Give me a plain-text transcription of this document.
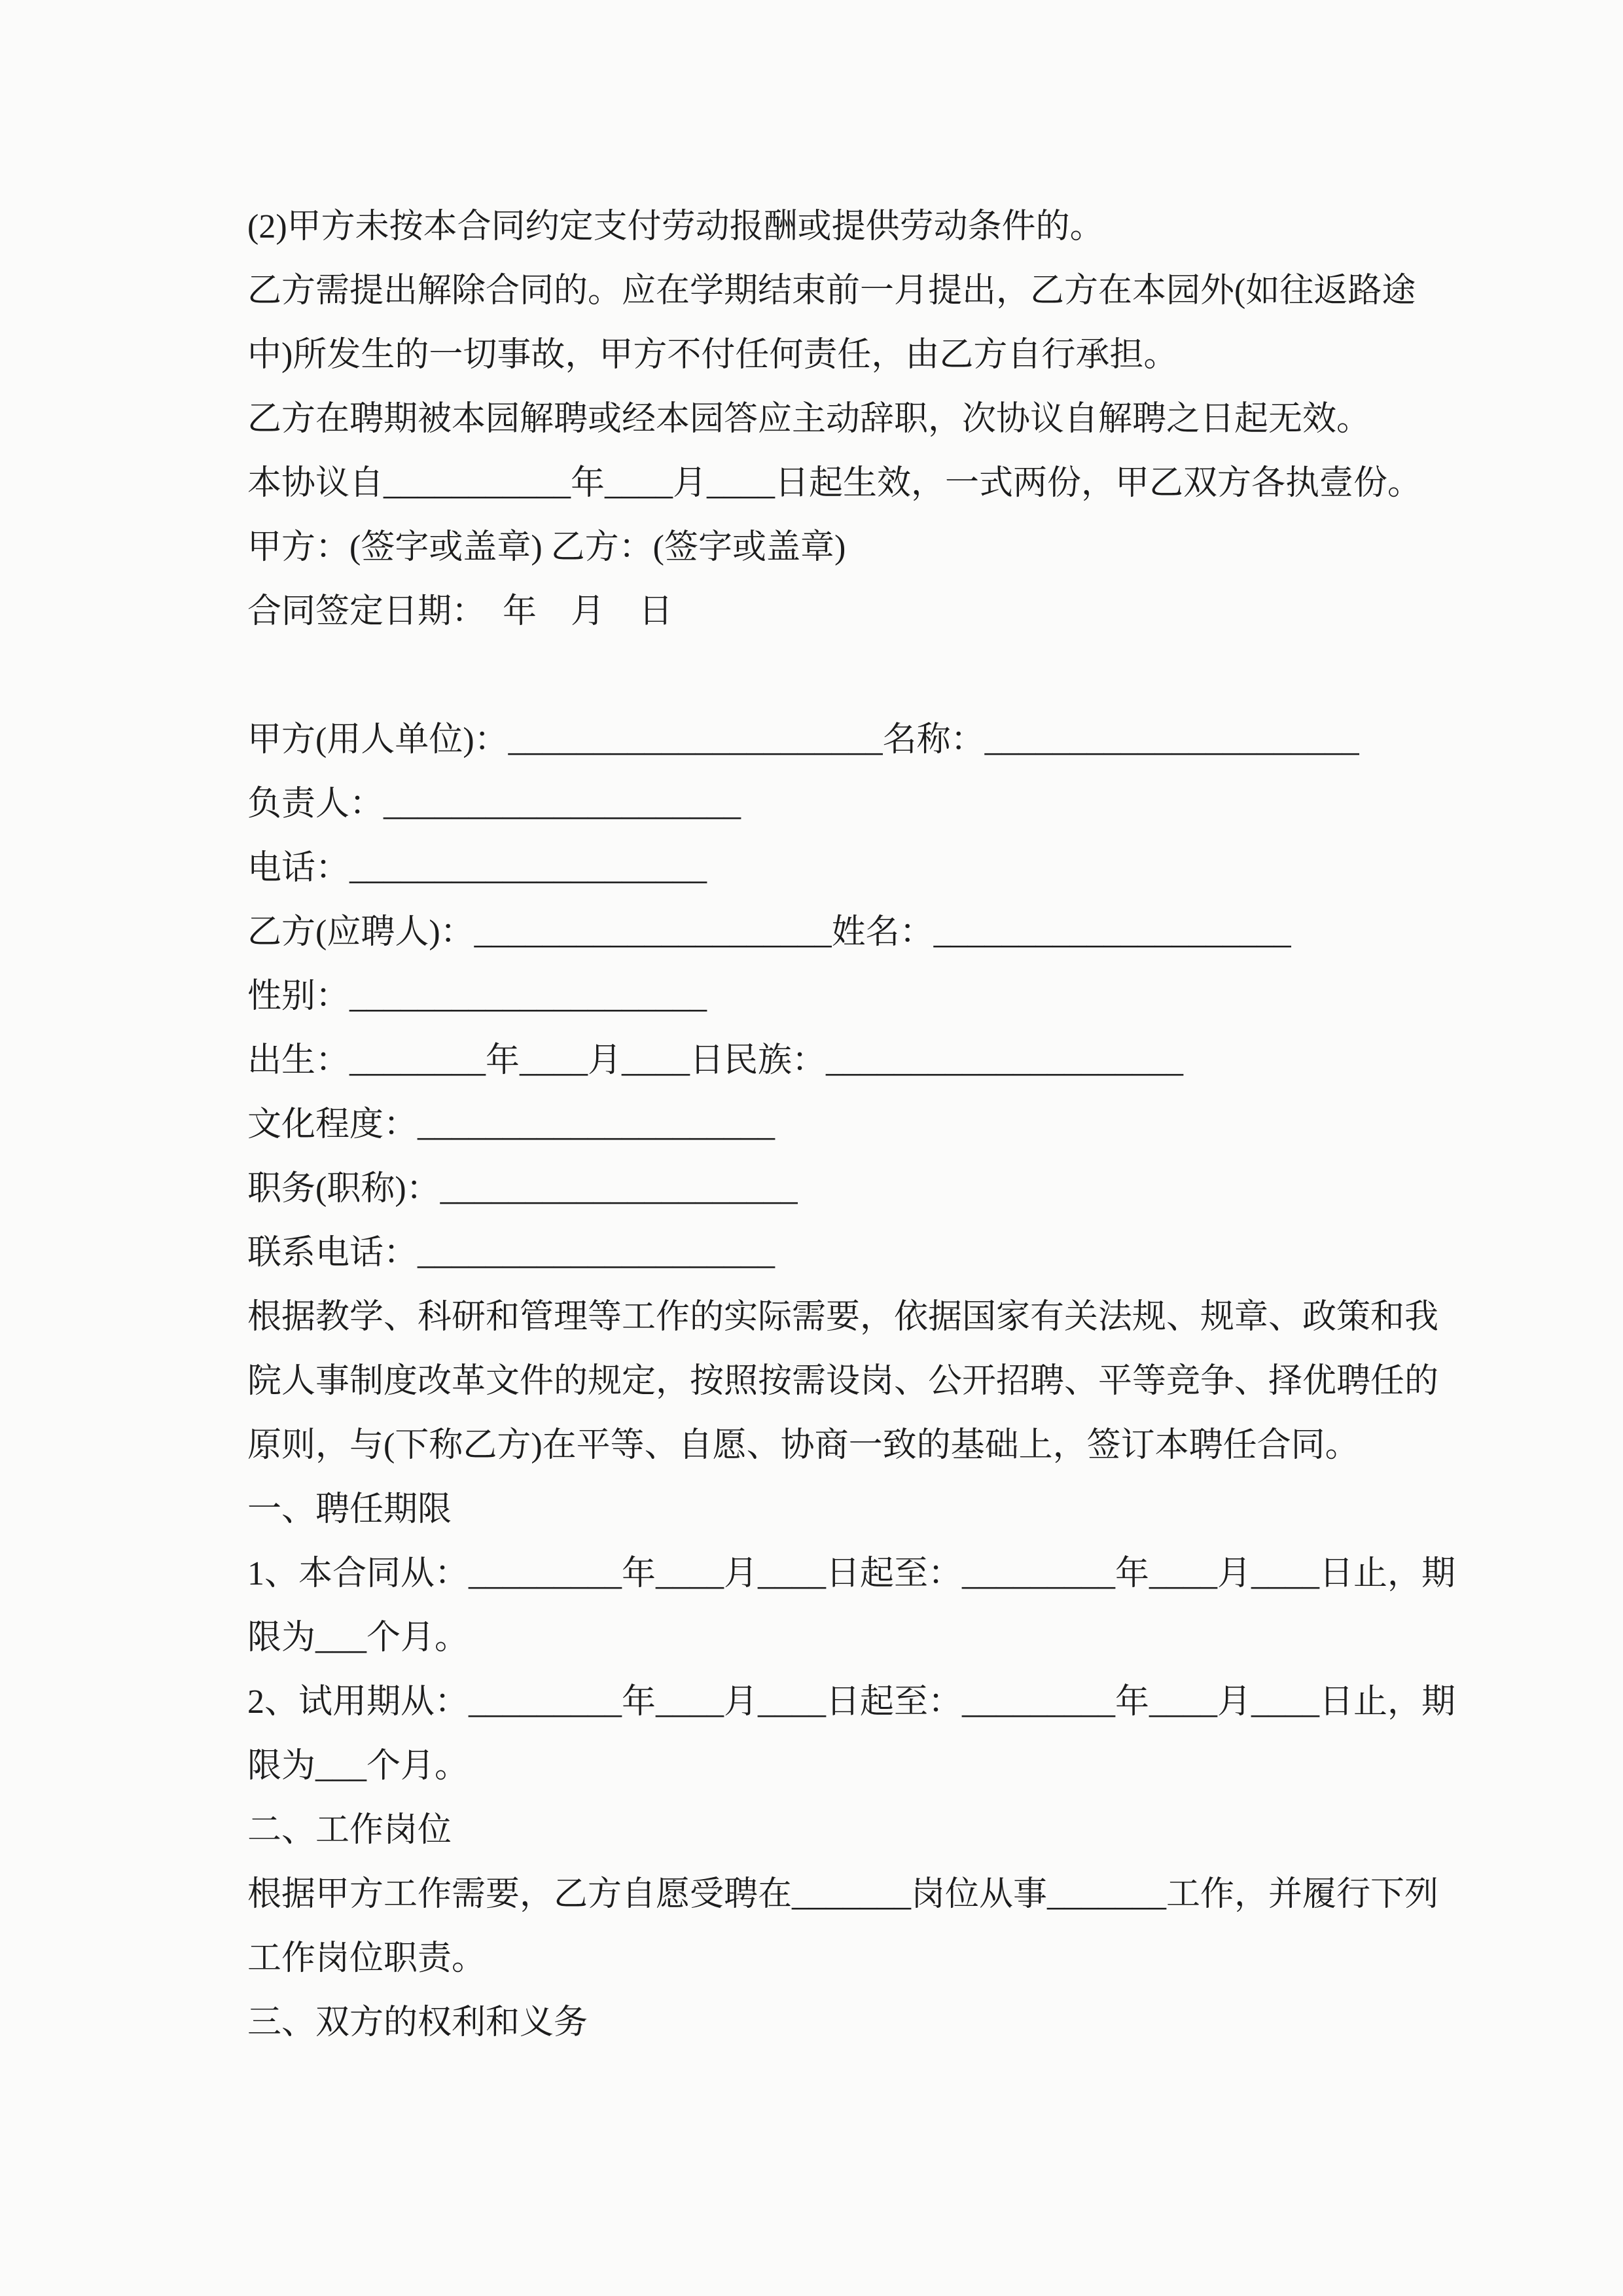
(2)甲方未按本合同约定支付劳动报酬或提供劳动条件的。
乙方需提出解除合同的。应在学期结束前一月提出，乙方在本园外(如往返路途
中)所发生的一切事故，甲方不付任何责任，由乙方自行承担。
乙方在聘期被本园解聘或经本园答应主动辞职，次协议自解聘之日起无效。
本协议自___________年____月____日起生效，一式两份，甲乙双方各执壹份。
甲方：(签字或盖章) 乙方：(签字或盖章)
合同签定日期：　年　月　日
甲方(用人单位)：______________________名称：______________________
负责人：_____________________
电话：_____________________
乙方(应聘人)：_____________________姓名：_____________________
性别：_____________________
出生：________年____月____日民族：_____________________
文化程度：_____________________
职务(职称)：_____________________
联系电话：_____________________
根据教学、科研和管理等工作的实际需要，依据国家有关法规、规章、政策和我
院人事制度改革文件的规定，按照按需设岗、公开招聘、平等竞争、择优聘任的
原则，与(下称乙方)在平等、自愿、协商一致的基础上，签订本聘任合同。
一、聘任期限
1、本合同从：_________年____月____日起至：_________年____月____日止，期
限为___个月。
2、试用期从：_________年____月____日起至：_________年____月____日止，期
限为___个月。
二、工作岗位
根据甲方工作需要，乙方自愿受聘在_______岗位从事_______工作，并履行下列
工作岗位职责。
三、双方的权利和义务
